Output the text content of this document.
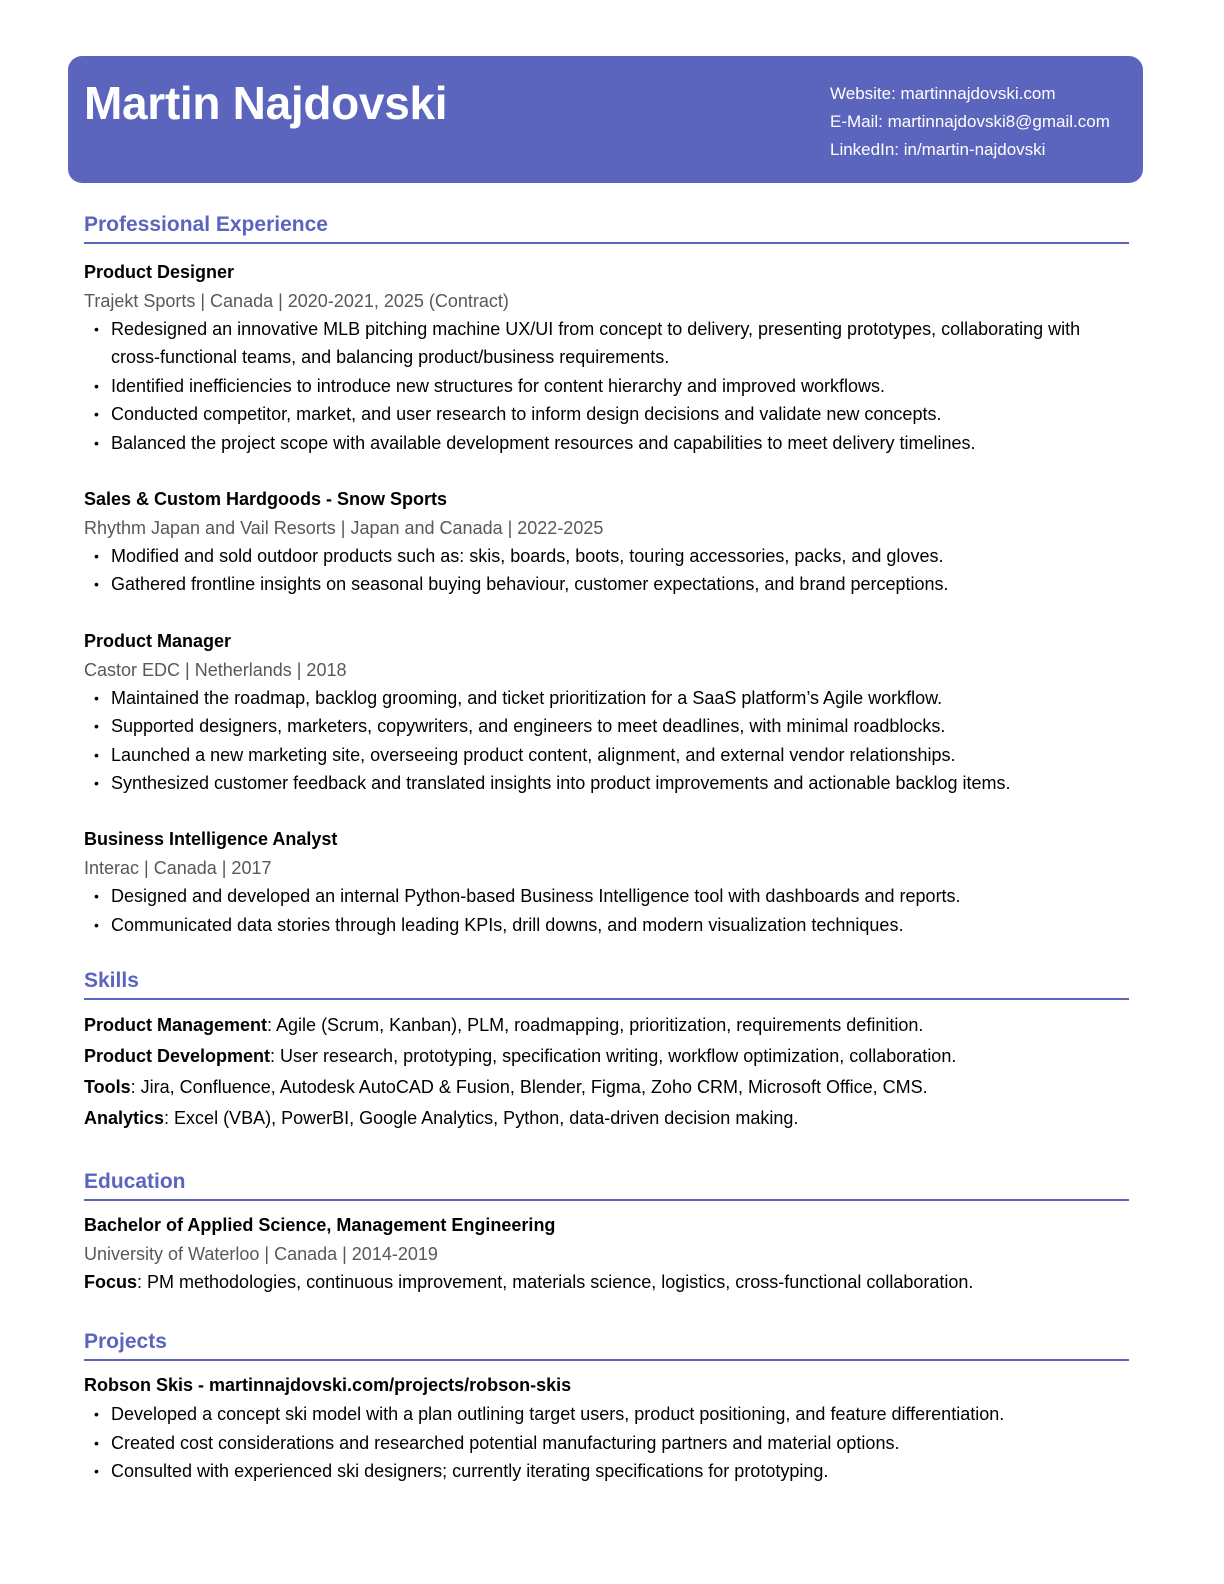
Martin Najdovski	Website: martinnajdovski.com
E-Mail: martinnajdovski8@gmail.com
LinkedIn: in/martin-najdovski
Professional Experience
Product Designer
Trajekt Sports | Canada | 2020-2021, 2025 (Contract)
• Redesigned an innovative MLB pitching machine UX/UI from concept to delivery, presenting prototypes, collaborating with cross-functional teams, and balancing product/business requirements.
• Identified inefficiencies to introduce new structures for content hierarchy and improved workflows.
• Conducted competitor, market, and user research to inform design decisions and validate new concepts.
• Balanced the project scope with available development resources and capabilities to meet delivery timelines.
Sales & Custom Hardgoods - Snow Sports
Rhythm Japan and Vail Resorts | Japan and Canada | 2022-2025
• Modified and sold outdoor products such as: skis, boards, boots, touring accessories, packs, and gloves.
• Gathered frontline insights on seasonal buying behaviour, customer expectations, and brand perceptions.
Product Manager
Castor EDC | Netherlands | 2018
• Maintained the roadmap, backlog grooming, and ticket prioritization for a SaaS platform’s Agile workflow.
• Supported designers, marketers, copywriters, and engineers to meet deadlines, with minimal roadblocks.
• Launched a new marketing site, overseeing product content, alignment, and external vendor relationships.
• Synthesized customer feedback and translated insights into product improvements and actionable backlog items.
Business Intelligence Analyst
Interac | Canada | 2017
• Designed and developed an internal Python-based Business Intelligence tool with dashboards and reports.
• Communicated data stories through leading KPIs, drill downs, and modern visualization techniques.
Skills
Product Management: Agile (Scrum, Kanban), PLM, roadmapping, prioritization, requirements definition.
Product Development: User research, prototyping, specification writing, workflow optimization, collaboration.
Tools: Jira, Confluence, Autodesk AutoCAD & Fusion, Blender, Figma, Zoho CRM, Microsoft Office, CMS.
Analytics: Excel (VBA), PowerBI, Google Analytics, Python, data-driven decision making.
Education
Bachelor of Applied Science, Management Engineering
University of Waterloo | Canada | 2014-2019
Focus: PM methodologies, continuous improvement, materials science, logistics, cross-functional collaboration.
Projects
Robson Skis - martinnajdovski.com/projects/robson-skis
• Developed a concept ski model with a plan outlining target users, product positioning, and feature differentiation.
• Created cost considerations and researched potential manufacturing partners and material options.
• Consulted with experienced ski designers; currently iterating specifications for prototyping.
